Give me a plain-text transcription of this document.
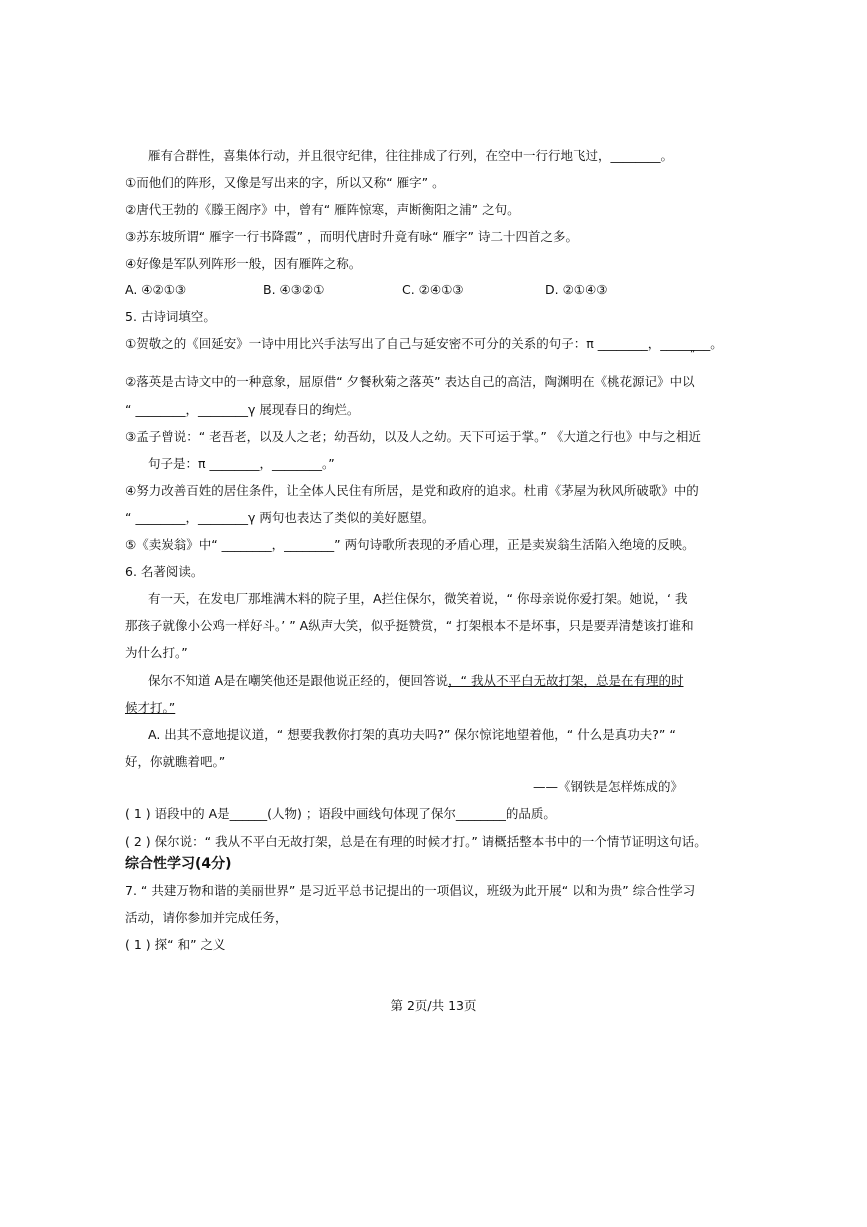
雁有合群性，喜集体行动，并且很守纪律，往往排成了行列，在空中一行行地飞过，________。
①而他们的阵形，又像是写出来的字，所以又称“ 雁字” 。
②唐代王勃的《滕王阁序》中，曾有“ 雁阵惊寒，声断衡阳之浦” 之句。
③苏东坡所谓“ 雁字一行书降霞” ，而明代唐时升竟有咏“ 雁字” 诗二十四首之多。
④好像是军队列阵形一般，因有雁阵之称。
A. ④②①③	B. ④③②①	C. ②④①③	D. ②①④③
5. 古诗词填空。
①贺敬之的《回延安》一诗中用比兴手法写出了自己与延安密不可分的关系的句子：π ________，________。
”
②落英是古诗文中的一种意象，屈原借“ 夕餐秋菊之落英” 表达自己的高洁，陶渊明在《桃花源记》中以
“ ________，________γ 展现春日的绚烂。
③孟子曾说：“ 老吾老，以及人之老；幼吾幼，以及人之幼。天下可运于掌。” 《大道之行也》中与之相近
句子是：π ________，________。”
④努力改善百姓的居住条件，让全体人民住有所居，是党和政府的追求。杜甫《茅屋为秋风所破歌》中的
“ ________，________γ 两句也表达了类似的美好愿望。
⑤《卖炭翁》中“ ________，________” 两句诗歌所表现的矛盾心理，正是卖炭翁生活陷入绝境的反映。
6. 名著阅读。
有一天，在发电厂那堆满木料的院子里，A拦住保尔，微笑着说，“ 你母亲说你爱打架。她说，‘ 我那孩子就像小公鸡一样好斗。’ ” A纵声大笑，似乎挺赞赏，“ 打架根本不是坏事，只是要弄清楚该打谁和为什么打。”
保尔不知道 A是在嘲笑他还是跟他说正经的，便回答说，“ 我从不平白无故打架，总是在有理的时候才打。”
A. 出其不意地提议道，“ 想要我教你打架的真功夫吗?” 保尔惊诧地望着他，“ 什么是真功夫?” “ 好，你就瞧着吧。”
——《钢铁是怎样炼成的》
( 1 ) 语段中的 A是______(人物) ；语段中画线句体现了保尔________的品质。
( 2 ) 保尔说：“ 我从不平白无故打架，总是在有理的时候才打。” 请概括整本书中的一个情节证明这句话。
综合性学习(4分)
7. “ 共建万物和谐的美丽世界” 是习近平总书记提出的一项倡议，班级为此开展“ 以和为贵” 综合性学习
活动，请你参加并完成任务，
( 1 ) 探“ 和” 之义
第 2页/共 13页
